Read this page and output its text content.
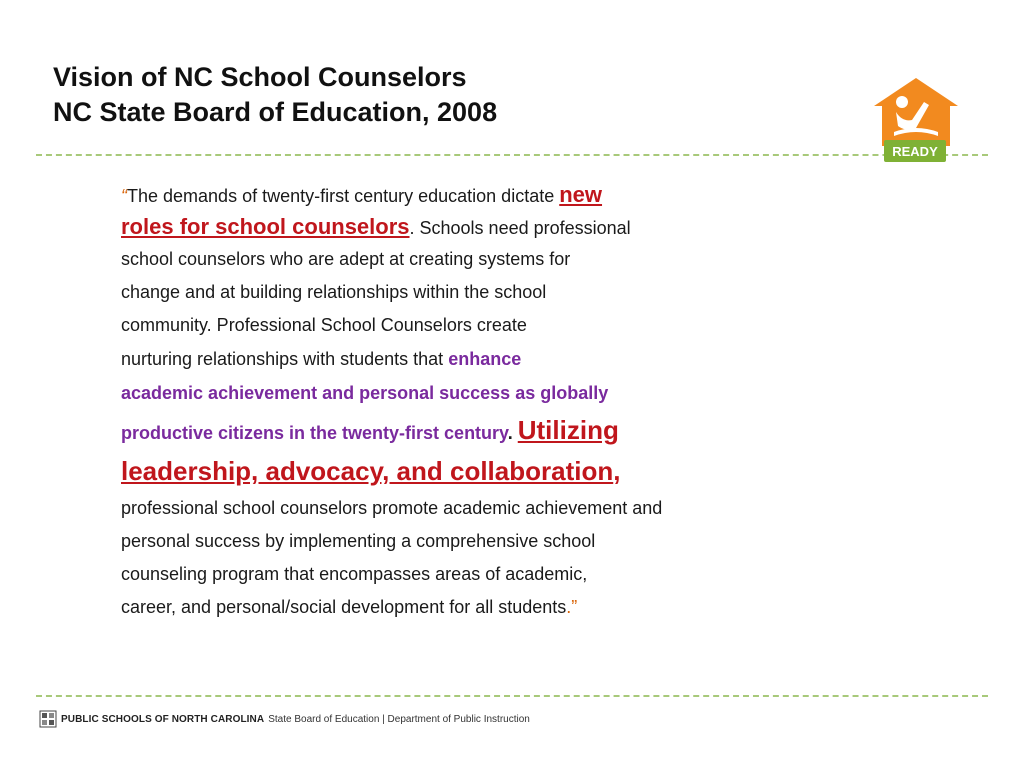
Vision of NC School Counselors
NC State Board of Education, 2008
READY
“The demands of twenty-first century education dictate new
roles for school counselors. Schools need professional
school counselors who are adept at creating systems for
change and at building relationships within the school
community. Professional School Counselors create
nurturing relationships with students that enhance
academic achievement and personal success as globally
productive citizens in the twenty-first century. Utilizing
leadership, advocacy, and collaboration,
professional school counselors promote academic achievement and
personal success by implementing a comprehensive school
counseling program that encompasses areas of academic,
career, and personal/social development for all students.”
PUBLIC SCHOOLS OF NORTH CAROLINA State Board of Education | Department of Public Instruction
